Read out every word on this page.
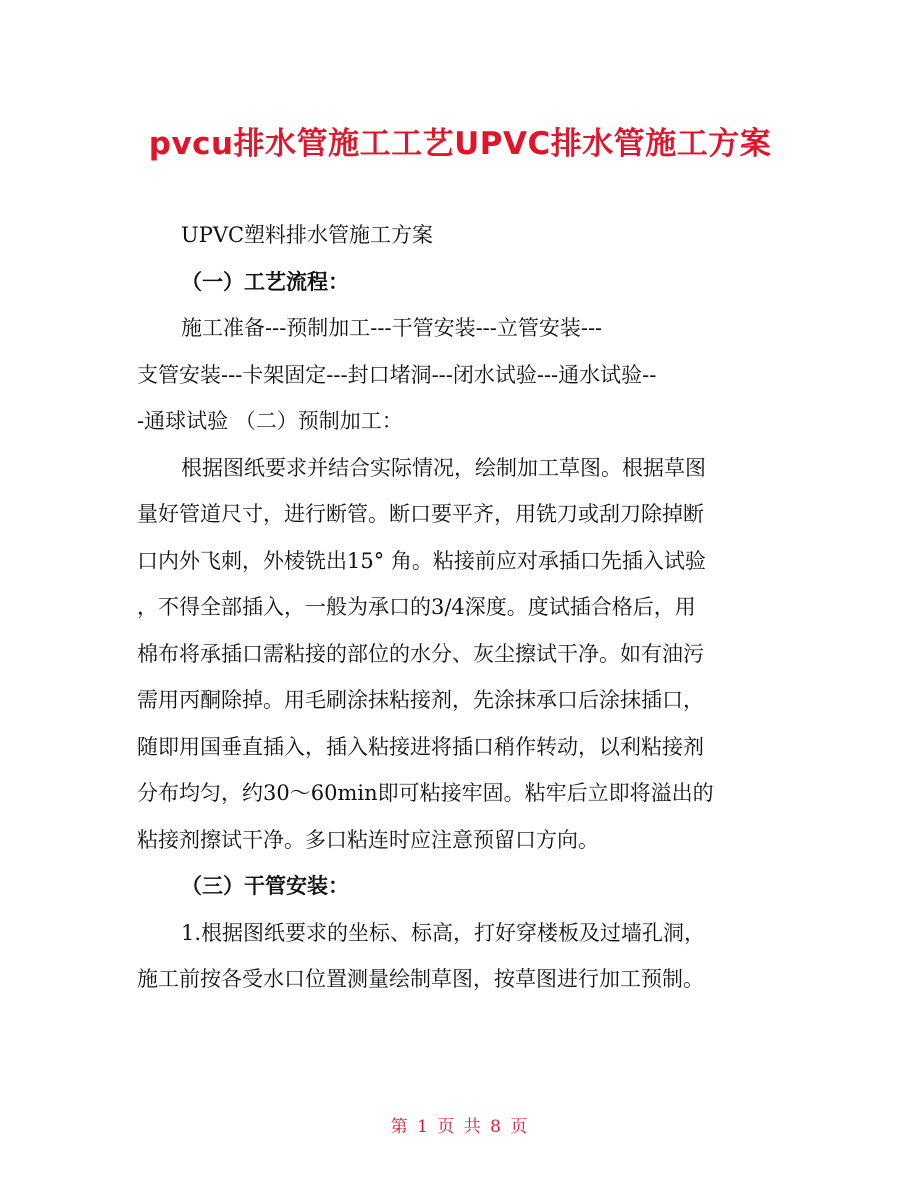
pvcu排水管施工工艺UPVC排水管施工方案
UPVC塑料排水管施工方案
（一）工艺流程：
施工准备---预制加工---干管安装---立管安装---
支管安装---卡架固定---封口堵洞---闭水试验---通水试验--
-通球试验 （二）预制加工：
根据图纸要求并结合实际情况，绘制加工草图。根据草图
量好管道尺寸，进行断管。断口要平齐，用铣刀或刮刀除掉断
口内外飞刺，外棱铣出15° 角。粘接前应对承插口先插入试验
，不得全部插入，一般为承口的3/4深度。度试插合格后，用
棉布将承插口需粘接的部位的水分、灰尘擦试干净。如有油污
需用丙酮除掉。用毛刷涂抹粘接剂，先涂抹承口后涂抹插口，
随即用国垂直插入，插入粘接进将插口稍作转动，以利粘接剂
分布均匀，约30～60min即可粘接牢固。粘牢后立即将溢出的
粘接剂擦试干净。多口粘连时应注意预留口方向。
（三）干管安装：
1.根据图纸要求的坐标、标高，打好穿楼板及过墙孔洞，
施工前按各受水口位置测量绘制草图，按草图进行加工预制。
第 1 页 共 8 页
